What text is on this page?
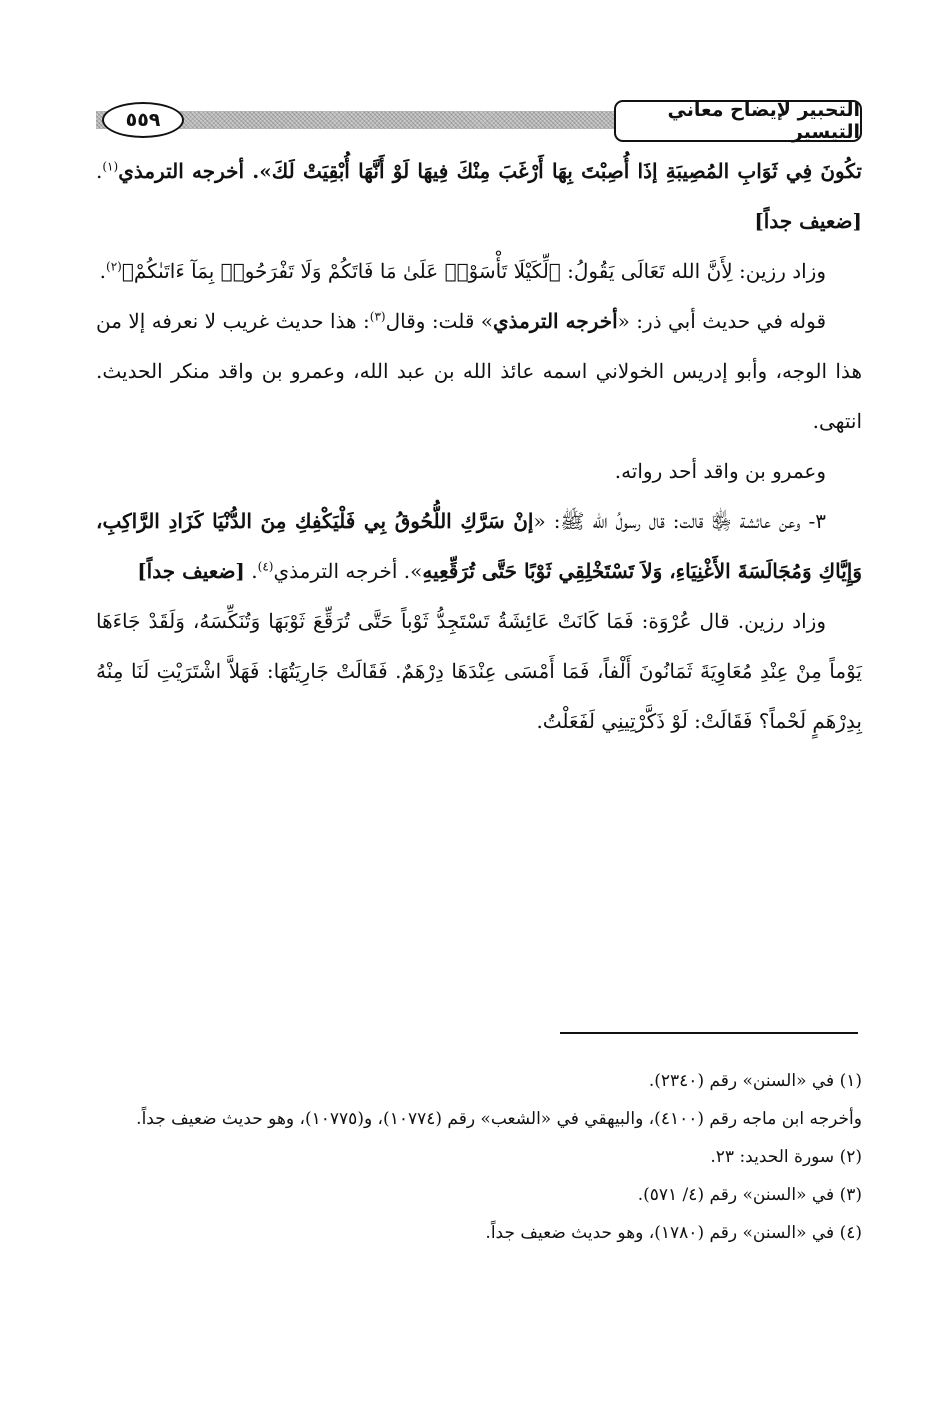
٥٥٩	التحبير لإيضاح معاني التيسير

تكُونَ فِي ثَوَابِ المُصِيبَةِ إذَا أُصِبْتَ بِهَا أَرْغَبَ مِنْكَ فِيهَا لَوْ أَنَّهَا أُبْقِيَتْ لَكَ». أخرجه الترمذي$^{(١)}$. [ضعيف جداً]

وزاد رزين: لِأَنَّ الله تَعَالَى يَقُولُ: ﴿لِّكَيْلَا تَأْسَوْا۟ عَلَىٰ مَا فَاتَكُمْ وَلَا تَفْرَحُوا۟ بِمَآ ءَاتَىٰكُمْ﴾$^{(٢)}$.

قوله في حديث أبي ذر: «أخرجه الترمذي» قلت: وقال$^{(٣)}$: هذا حديث غريب لا نعرفه إلا من هذا الوجه، وأبو إدريس الخولاني اسمه عائذ الله بن عبد الله، وعمرو بن واقد منكر الحديث. انتهى.

وعمرو بن واقد أحد رواته.

٣- وعن عائشة ﵂ قالت: قال رسولُ الله ﷺ: «إنْ سَرَّكِ اللُّحُوقُ بِي فَلْيَكْفِكِ مِنَ الدُّنْيَا كَزَادِ الرَّاكِبِ، وَإِيَّاكِ وَمُجَالَسَةَ الأَغْنِيَاءِ، وَلاَ تَسْتَخْلِقِي ثَوْبًا حَتَّى تُرَقِّعِيهِ». أخرجه الترمذي$^{(٤)}$. [ضعيف جداً]

وزاد رزين. قال عُرْوَة: فَمَا كَانَتْ عَائِشَةُ تَسْتَجِدُّ ثَوْباً حَتَّى تُرَقِّعَ ثَوْبَهَا وَتُنَكِّسَهُ، وَلَقَدْ جَاءَهَا يَوْماً مِنْ عِنْدِ مُعَاوِيَةَ ثَمَانُونَ أَلْفاً، فَمَا أَمْسَى عِنْدَهَا دِرْهَمٌ. فَقَالَتْ جَارِيَتُهَا: فَهَلاَّ اشْتَرَيْتِ لَنَا مِنْهُ بِدِرْهَمٍ لَحْماً؟ فَقَالَتْ: لَوْ ذَكَّرْتِينِي لَفَعَلْتُ.

(١) في «السنن» رقم (٢٣٤٠).

وأخرجه ابن ماجه رقم (٤١٠٠)، والبيهقي في «الشعب» رقم (١٠٧٧٤)، و(١٠٧٧٥)، وهو حديث ضعيف جداً.

(٢) سورة الحديد: ٢٣.

(٣) في «السنن» رقم (٤/ ٥٧١).

(٤) في «السنن» رقم (١٧٨٠)، وهو حديث ضعيف جداً.
